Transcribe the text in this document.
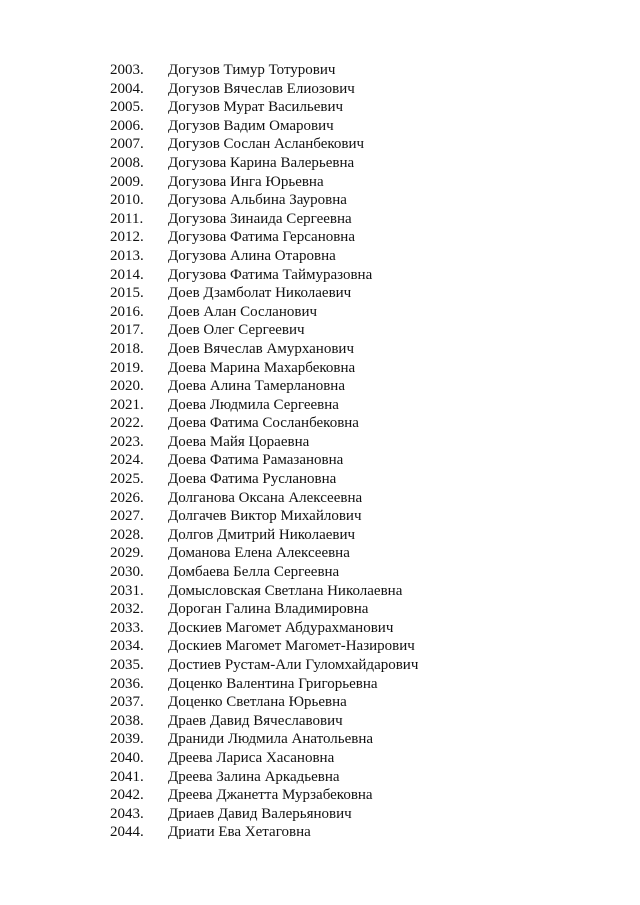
2003. Догузов Тимур Тотурович
2004. Догузов Вячеслав Елиозович
2005. Догузов Мурат Васильевич
2006. Догузов Вадим Омарович
2007. Догузов Сослан Асланбекович
2008. Догузова Карина Валерьевна
2009. Догузова Инга Юрьевна
2010. Догузова Альбина Зауровна
2011. Догузова Зинаида Сергеевна
2012. Догузова Фатима Герсановна
2013. Догузова Алина Отаровна
2014. Догузова Фатима Таймуразовна
2015. Доев Дзамболат Николаевич
2016. Доев Алан Сосланович
2017. Доев Олег Сергеевич
2018. Доев Вячеслав Амурханович
2019. Доева Марина Махарбековна
2020. Доева Алина Тамерлановна
2021. Доева Людмила Сергеевна
2022. Доева Фатима Сосланбековна
2023. Доева Майя Цораевна
2024. Доева Фатима Рамазановна
2025. Доева Фатима Руслановна
2026. Долганова Оксана Алексеевна
2027. Долгачев Виктор Михайлович
2028. Долгов Дмитрий Николаевич
2029. Доманова Елена Алексеевна
2030. Домбаева Белла Сергеевна
2031. Домысловская Светлана Николаевна
2032. Дороган Галина Владимировна
2033. Доскиев Магомет Абдурахманович
2034. Доскиев Магомет Магомет-Назирович
2035. Достиев Рустам-Али Гуломхайдарович
2036. Доценко Валентина Григорьевна
2037. Доценко Светлана Юрьевна
2038. Драев Давид Вячеславович
2039. Драниди Людмила Анатольевна
2040. Дреева Лариса Хасановна
2041. Дреева Залина Аркадьевна
2042. Дреева Джанетта Мурзабековна
2043. Дриаев Давид Валерьянович
2044. Дриати Ева Хетаговна
